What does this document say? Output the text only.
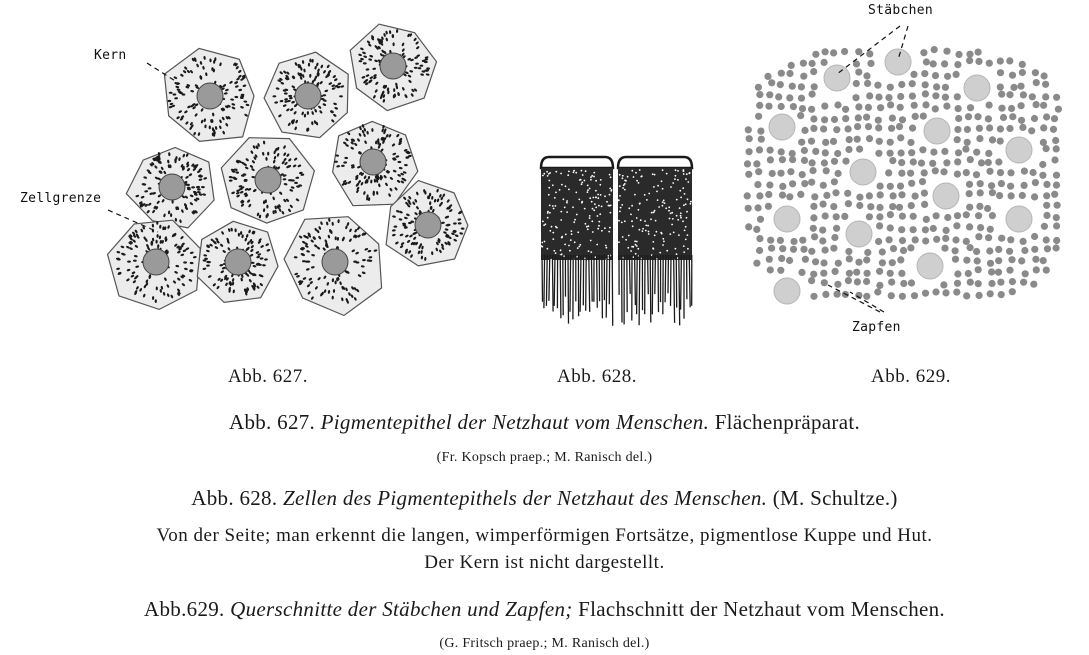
Kern
Zellgrenze
Stäbchen
Zapfen
Abb. 627.	Abb. 628.	Abb. 629.
Abb. 627. Pigmentepithel der Netzhaut vom Menschen. Flächenpräparat.
(Fr. Kopsch praep.; M. Ranisch del.)
Abb. 628. Zellen des Pigmentepithels der Netzhaut des Menschen. (M. Schultze.)
Von der Seite; man erkennt die langen, wimperförmigen Fortsätze, pigmentlose Kuppe und Hut.
Der Kern ist nicht dargestellt.
Abb.629. Querschnitte der Stäbchen und Zapfen; Flachschnitt der Netzhaut vom Menschen.
(G. Fritsch praep.; M. Ranisch del.)
